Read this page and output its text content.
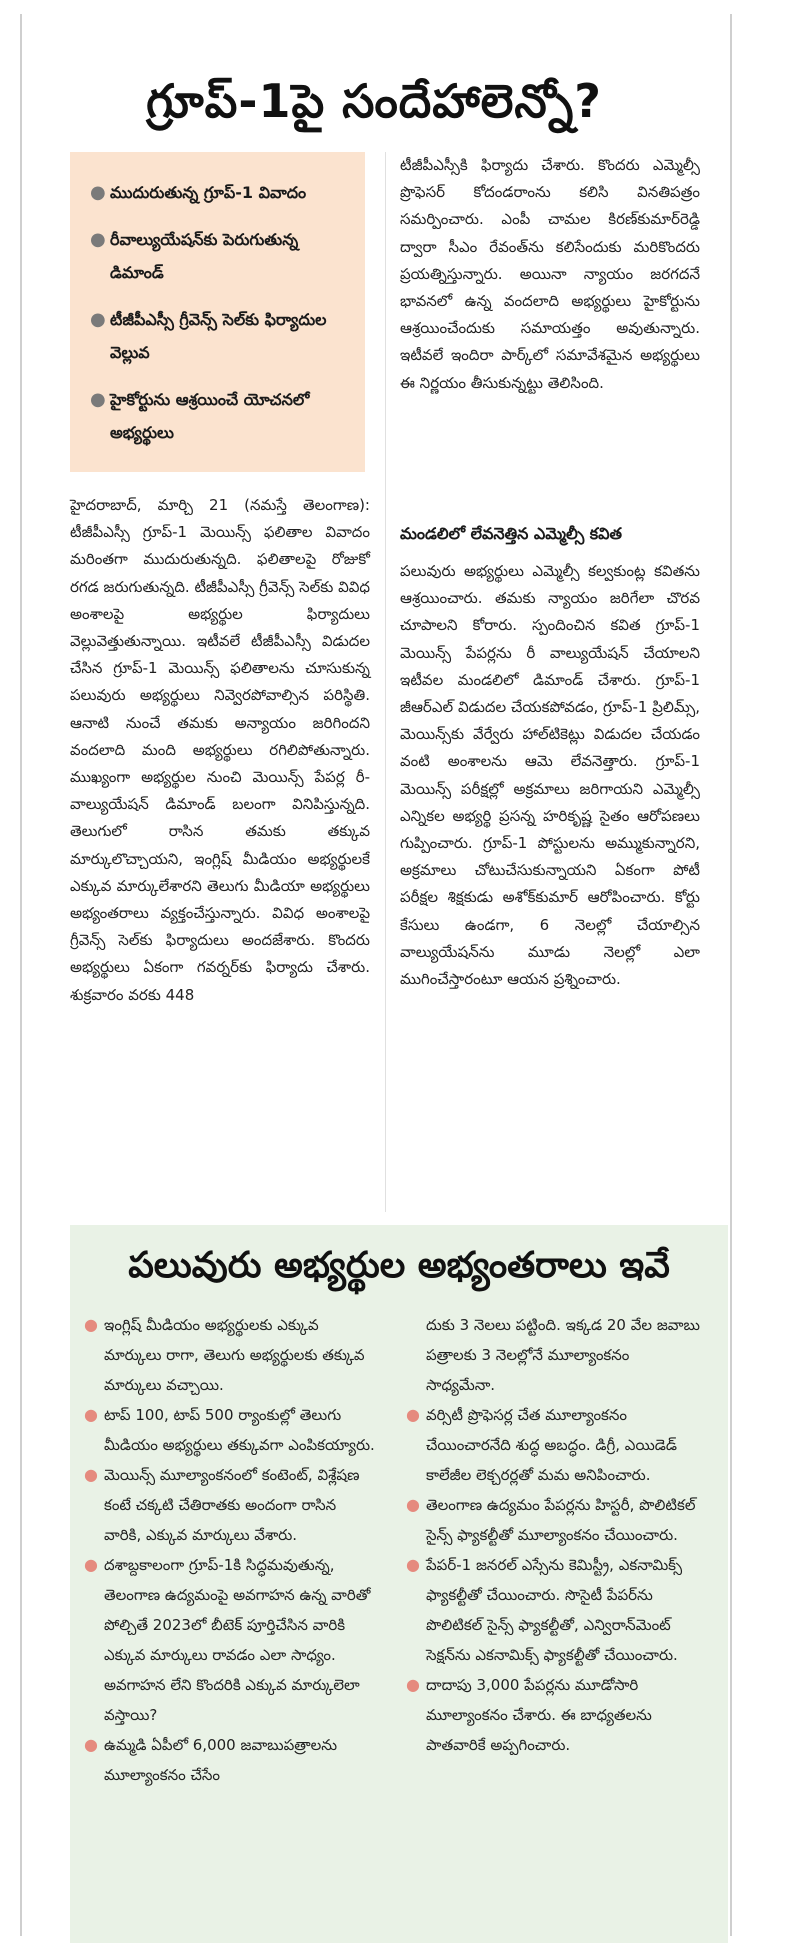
గ్రూప్-1పై సందేహాలెన్నో?
● ముదురుతున్న గ్రూప్-1 వివాదం
● రీవాల్యుయేషన్‌కు పెరుగుతున్న డిమాండ్
● టీజీపీఎస్సీ గ్రీవెన్స్ సెల్‌కు ఫిర్యాదుల వెల్లువ
● హైకోర్టును ఆశ్రయించే యోచనలో అభ్యర్థులు
హైదరాబాద్, మార్చి 21 (నమస్తే తెలంగాణ): టీజీపీఎస్సీ గ్రూప్-1 మెయిన్స్ ఫలితాల వివాదం మరింతగా ముదురుతున్నది. ఫలితాలపై రోజుకో రగడ జరుగుతున్నది. టీజీపీఎస్సీ గ్రీవెన్స్ సెల్‌కు వివిధ అంశాలపై అభ్యర్థుల ఫిర్యాదులు వెల్లువెత్తుతున్నాయి. ఇటీవలే టీజీపీఎస్సీ విడుదల చేసిన గ్రూప్-1 మెయిన్స్ ఫలితాలను చూసుకున్న పలువురు అభ్యర్థులు నివ్వెరపోవాల్సిన పరిస్థితి. ఆనాటి నుంచే తమకు అన్యాయం జరిగిందని వందలాది మంది అభ్యర్థులు రగిలిపోతున్నారు. ముఖ్యంగా అభ్యర్థుల నుంచి మెయిన్స్ పేపర్ల రీ-వాల్యుయేషన్ డిమాండ్ బలంగా వినిపిస్తున్నది. తెలుగులో రాసిన తమకు తక్కువ మార్కులొచ్చాయని, ఇంగ్లిష్ మీడియం అభ్యర్థులకే ఎక్కువ మార్కులేశారని తెలుగు మీడియా అభ్యర్థులు అభ్యంతరాలు వ్యక్తంచేస్తున్నారు. వివిధ అంశాలపై గ్రీవెన్స్ సెల్‌కు ఫిర్యాదులు అందజేశారు. కొందరు అభ్యర్థులు ఏకంగా గవర్నర్‌కు ఫిర్యాదు చేశారు. శుక్రవారం వరకు 448
టీజీపీఎస్సీకి ఫిర్యాదు చేశారు. కొందరు ఎమ్మెల్సీ ప్రొఫెసర్ కోదండరాంను కలిసి వినతిపత్రం సమర్పించారు. ఎంపీ చామల కిరణ్‌కుమార్‌రెడ్డి ద్వారా సీఎం రేవంత్‌ను కలిసేందుకు మరికొందరు ప్రయత్నిస్తున్నారు. అయినా న్యాయం జరగదనే భావనలో ఉన్న వందలాది అభ్యర్థులు హైకోర్టును ఆశ్రయించేందుకు సమాయత్తం అవుతున్నారు. ఇటీవలే ఇందిరా పార్క్‌లో సమావేశమైన అభ్యర్థులు ఈ నిర్ణయం తీసుకున్నట్టు తెలిసింది.
మండలిలో లేవనెత్తిన ఎమ్మెల్సీ కవిత
పలువురు అభ్యర్థులు ఎమ్మెల్సీ కల్వకుంట్ల కవితను ఆశ్రయించారు. తమకు న్యాయం జరిగేలా చొరవ చూపాలని కోరారు. స్పందించిన కవిత గ్రూప్-1 మెయిన్స్ పేపర్లను రీ వాల్యుయేషన్ చేయాలని ఇటీవల మండలిలో డిమాండ్ చేశారు. గ్రూప్-1 జీఆర్‌ఎల్ విడుదల చేయకపోవడం, గ్రూప్-1 ప్రిలిమ్స్, మెయిన్స్‌కు వేర్వేరు హాల్‌టికెట్లు విడుదల చేయడం వంటి అంశాలను ఆమె లేవనెత్తారు. గ్రూప్-1 మెయిన్స్ పరీక్షల్లో అక్రమాలు జరిగాయని ఎమ్మెల్సీ ఎన్నికల అభ్యర్థి ప్రసన్న హరికృష్ణ సైతం ఆరోపణలు గుప్పించారు. గ్రూప్-1 పోస్టులను అమ్ముకున్నారని, అక్రమాలు చోటుచేసుకున్నాయని ఏకంగా పోటీ పరీక్షల శిక్షకుడు అశోక్‌కుమార్ ఆరోపించారు. కోర్టు కేసులు ఉండగా, 6 నెలల్లో చేయాల్సిన వాల్యుయేషన్‌ను మూడు నెలల్లో ఎలా ముగించేస్తారంటూ ఆయన ప్రశ్నించారు.
పలువురు అభ్యర్థుల అభ్యంతరాలు ఇవే
● ఇంగ్లిష్ మీడియం అభ్యర్థులకు ఎక్కువ మార్కులు రాగా, తెలుగు అభ్యర్థులకు తక్కువ మార్కులు వచ్చాయి.
● టాప్ 100, టాప్ 500 ర్యాంకుల్లో తెలుగు మీడియం అభ్యర్థులు తక్కువగా ఎంపికయ్యారు.
● మెయిన్స్ మూల్యాంకనంలో కంటెంట్, విశ్లేషణ కంటే చక్కటి చేతిరాతకు అందంగా రాసిన వారికి, ఎక్కువ మార్కులు వేశారు.
● దశాబ్దకాలంగా గ్రూప్-1కి సిద్ధమవుతున్న, తెలంగాణ ఉద్యమంపై అవగాహన ఉన్న వారితో పోల్చితే 2023లో బీటెక్ పూర్తిచేసిన వారికి ఎక్కువ మార్కులు రావడం ఎలా సాధ్యం. అవగాహన లేని కొందరికి ఎక్కువ మార్కులెలా వస్తాయి?
● ఉమ్మడి ఏపీలో 6,000 జవాబుపత్రాలను మూల్యాంకనం చేసేం
దుకు 3 నెలలు పట్టింది. ఇక్కడ 20 వేల జవాబు పత్రాలకు 3 నెలల్లోనే మూల్యాంకనం సాధ్యమేనా.
● వర్సిటీ ప్రొఫెసర్ల చేత మూల్యాంకనం చేయించారనేది శుద్ధ అబద్ధం. డిగ్రీ, ఎయిడెడ్ కాలేజీల లెక్చరర్లతో మమ అనిపించారు.
● తెలంగాణ ఉద్యమం పేపర్లను హిస్టరీ, పొలిటికల్ సైన్స్ ఫ్యాకల్టీతో మూల్యాంకనం చేయించారు.
● పేపర్-1 జనరల్ ఎస్సేను కెమిస్ట్రీ, ఎకనామిక్స్ ఫ్యాకల్టీతో చేయించారు. సొసైటీ పేపర్‌ను పొలిటికల్ సైన్స్ ఫ్యాకల్టీతో, ఎన్విరాన్‌మెంట్ సెక్షన్‌ను ఎకనామిక్స్ ఫ్యాకల్టీతో చేయించారు.
● దాదాపు 3,000 పేపర్లను మూడోసారి మూల్యాంకనం చేశారు. ఈ బాధ్యతలను పాతవారికే అప్పగించారు.
